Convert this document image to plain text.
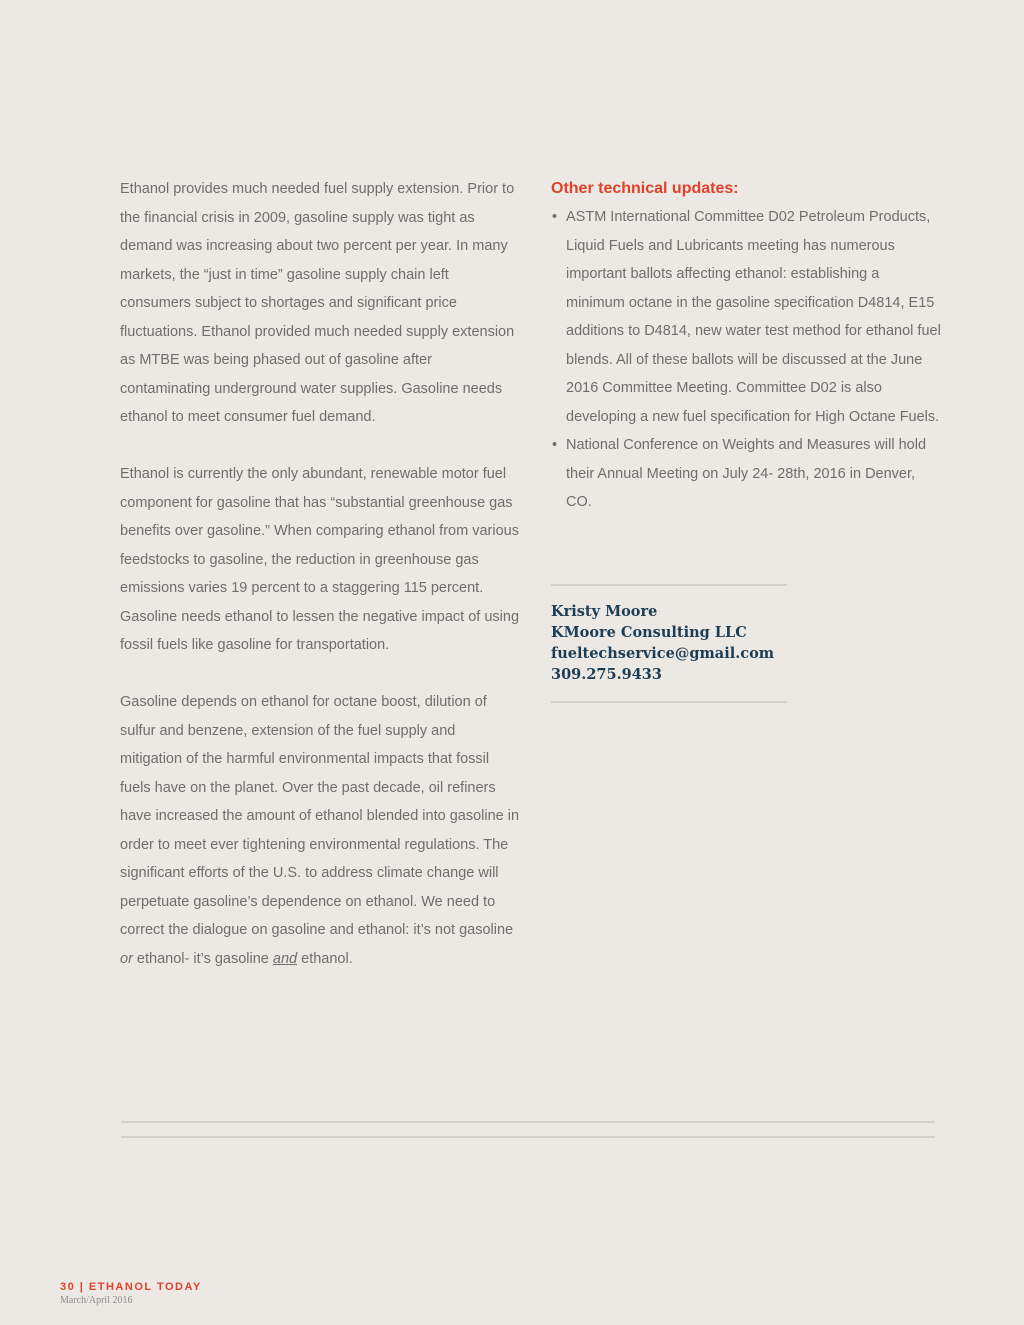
Ethanol provides much needed fuel supply extension. Prior to the financial crisis in 2009, gasoline supply was tight as demand was increasing about two percent per year. In many markets, the “just in time” gasoline supply chain left consumers subject to shortages and significant price fluctuations. Ethanol provided much needed supply extension as MTBE was being phased out of gasoline after contaminating underground water supplies. Gasoline needs ethanol to meet consumer fuel demand.

Ethanol is currently the only abundant, renewable motor fuel component for gasoline that has “substantial greenhouse gas benefits over gasoline.” When comparing ethanol from various feedstocks to gasoline, the reduction in greenhouse gas emissions varies 19 percent to a staggering 115 percent. Gasoline needs ethanol to lessen the negative impact of using fossil fuels like gasoline for transportation.

Gasoline depends on ethanol for octane boost, dilution of sulfur and benzene, extension of the fuel supply and mitigation of the harmful environmental impacts that fossil fuels have on the planet. Over the past decade, oil refiners have increased the amount of ethanol blended into gasoline in order to meet ever tightening environmental regulations. The significant efforts of the U.S. to address climate change will perpetuate gasoline’s dependence on ethanol. We need to correct the dialogue on gasoline and ethanol: it’s not gasoline or ethanol- it’s gasoline and ethanol.

Other technical updates:
• ASTM International Committee D02 Petroleum Products, Liquid Fuels and Lubricants meeting has numerous important ballots affecting ethanol: establishing a minimum octane in the gasoline specification D4814, E15 additions to D4814, new water test method for ethanol fuel blends. All of these ballots will be discussed at the June 2016 Committee Meeting. Committee D02 is also developing a new fuel specification for High Octane Fuels.
• National Conference on Weights and Measures will hold their Annual Meeting on July 24- 28th, 2016 in Denver, CO.
Kristy Moore
KMoore Consulting LLC
fueltechservice@gmail.com
309.275.9433
30 | ETHANOL TODAY
March/April 2016
